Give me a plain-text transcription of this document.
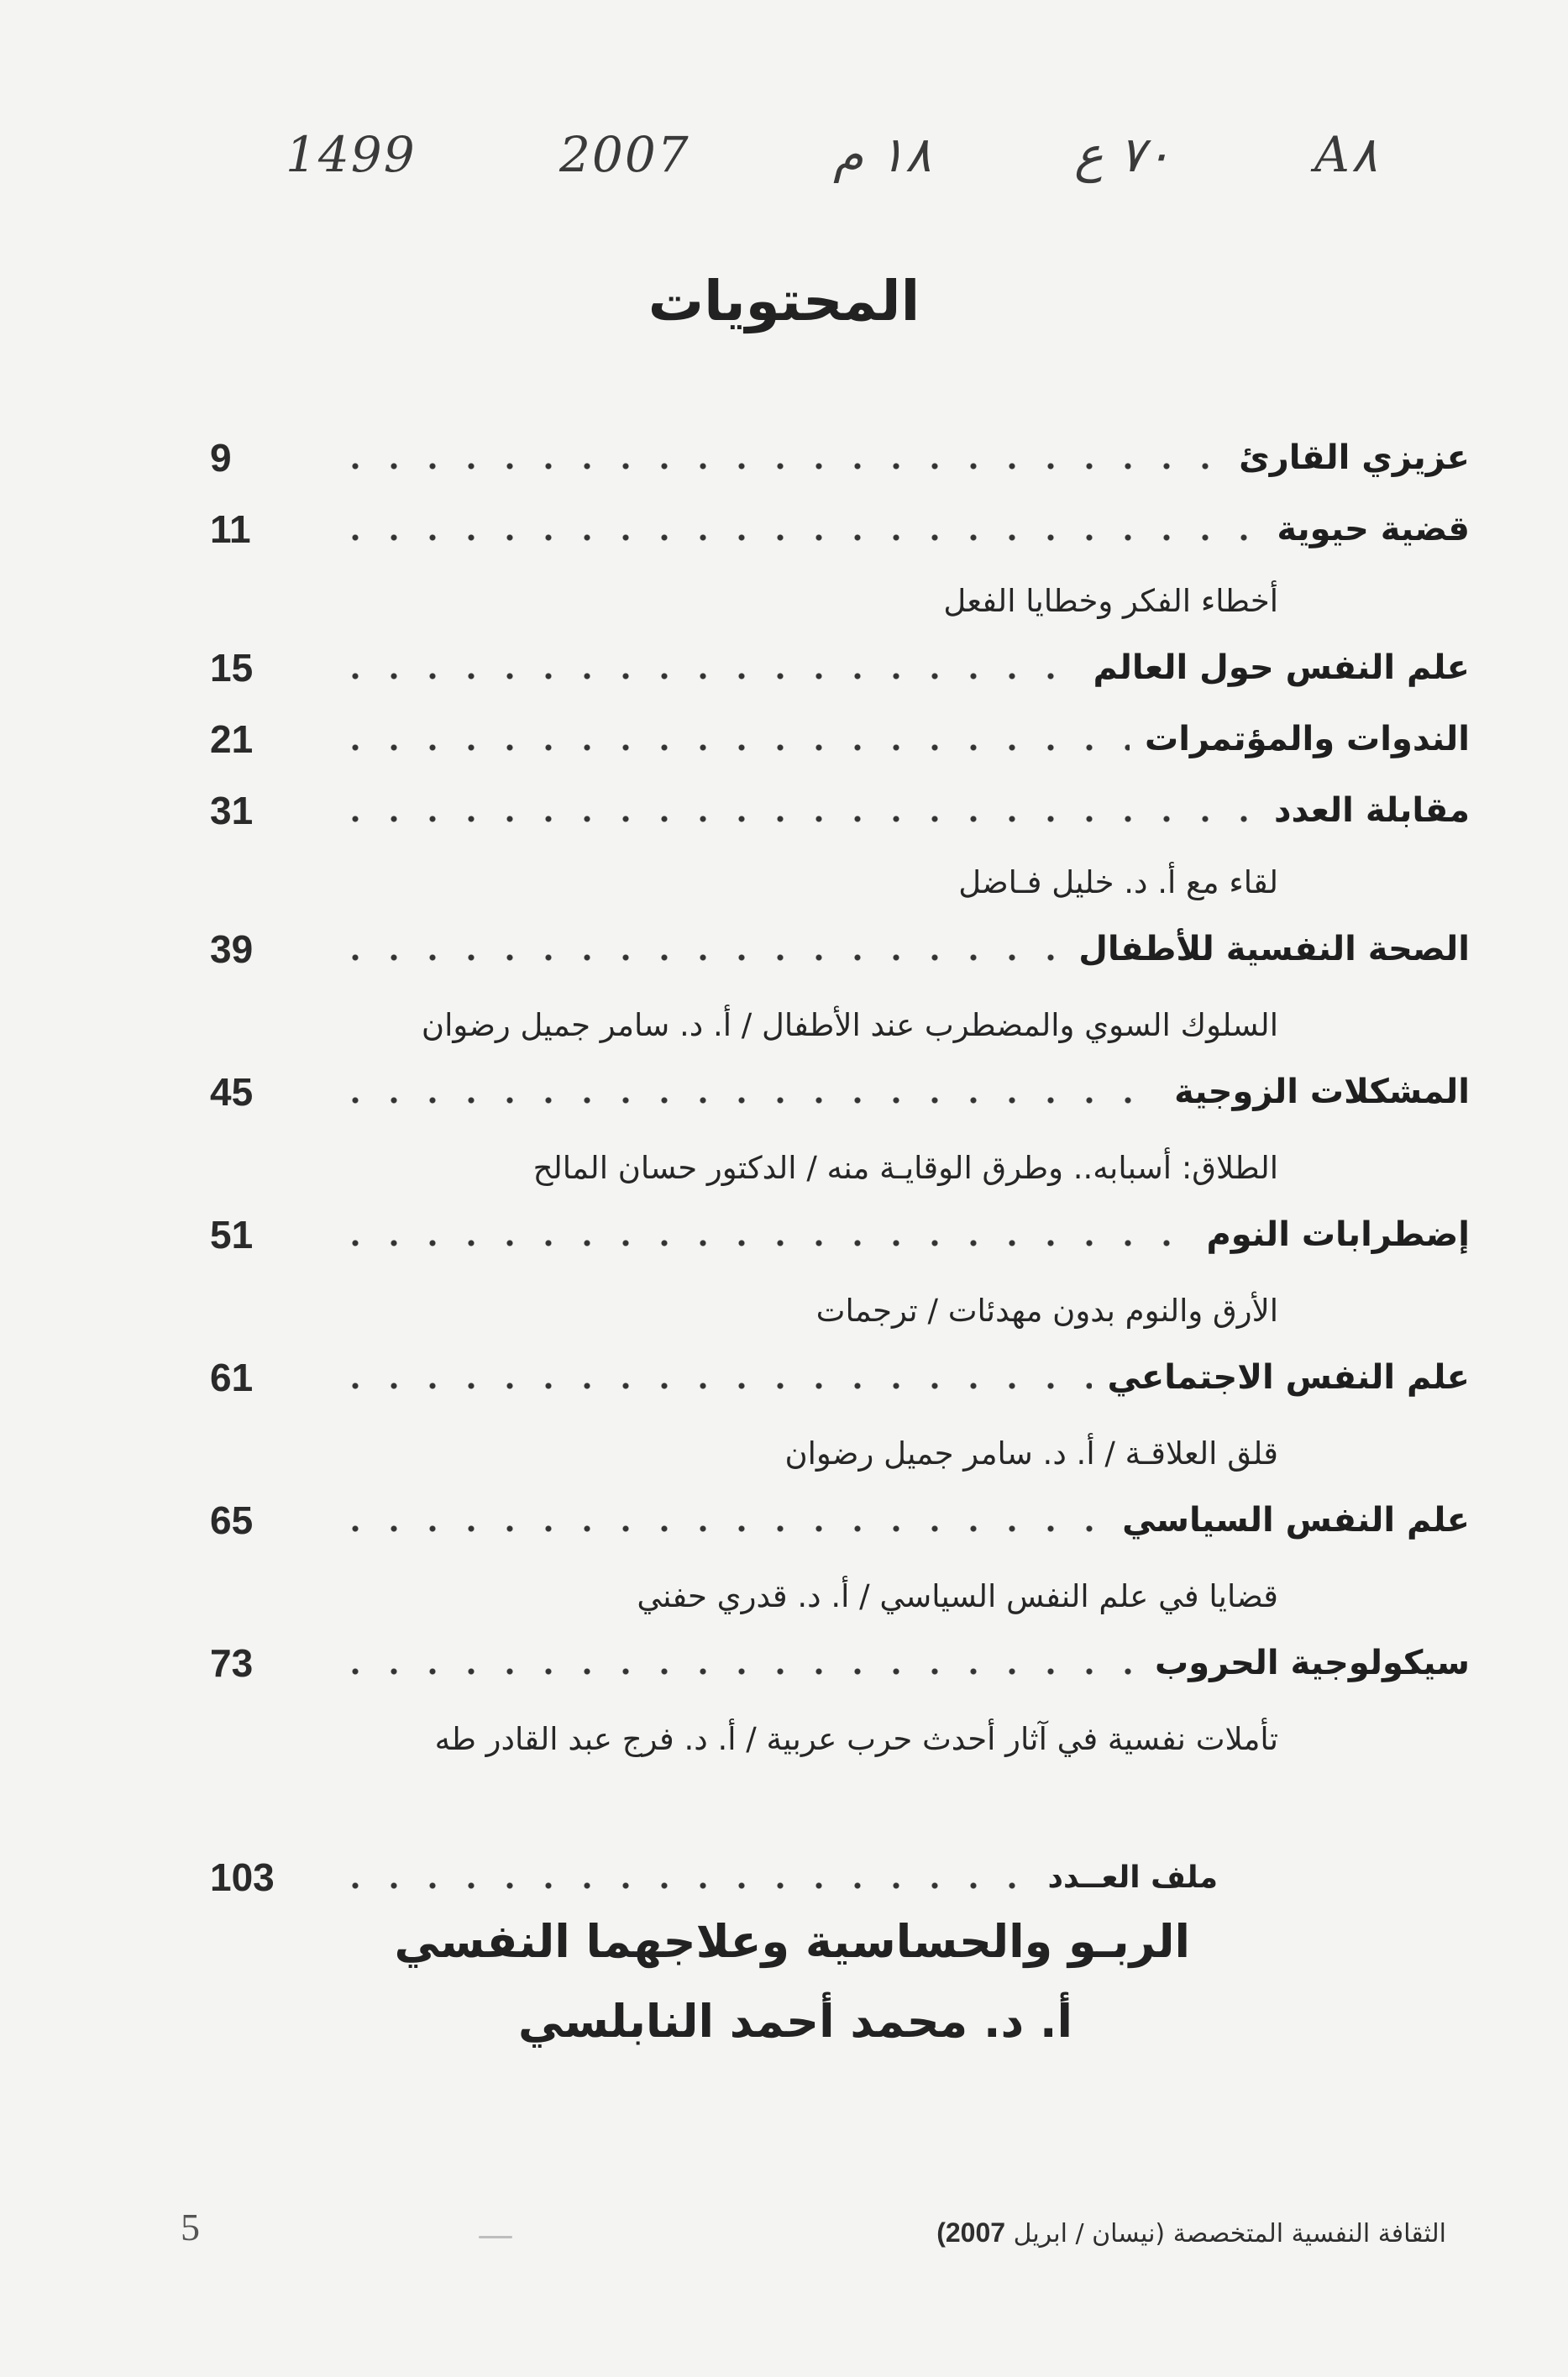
1499	2007	١٨ م	٧٠ ع	A٨
المحتويات
9	عزيزي القارئ
11	قضية حيوية
أخطاء الفكر وخطايا الفعل
15	علم النفس حول العالم
21	الندوات والمؤتمرات
31	مقابلة العدد
لقاء مع أ. د. خليل فـاضل
39	الصحة النفسية للأطفال
السلوك السوي والمضطرب عند الأطفال / أ. د. سامر جميل رضوان
45	المشكلات الزوجية
الطلاق: أسبابه.. وطرق الوقايـة منه / الدكتور حسان المالح
51	إضطرابات النوم
الأرق والنوم بدون مهدئات / ترجمات
61	علم النفس الاجتماعي
قلق العلاقـة / أ. د. سامر جميل رضوان
65	علم النفس السياسي
قضايا في علم النفس السياسي / أ. د. قدري حفني
73	سيكولوجية الحروب
تأملات نفسية في آثار أحدث حرب عربية / أ. د. فرج عبد القادر طه
103	ملف العــدد
الربـو والحساسية وعلاجهما النفسي
أ. د. محمد أحمد النابلسي
5	الثقافة النفسية المتخصصة (نيسان / ابريل 2007)
